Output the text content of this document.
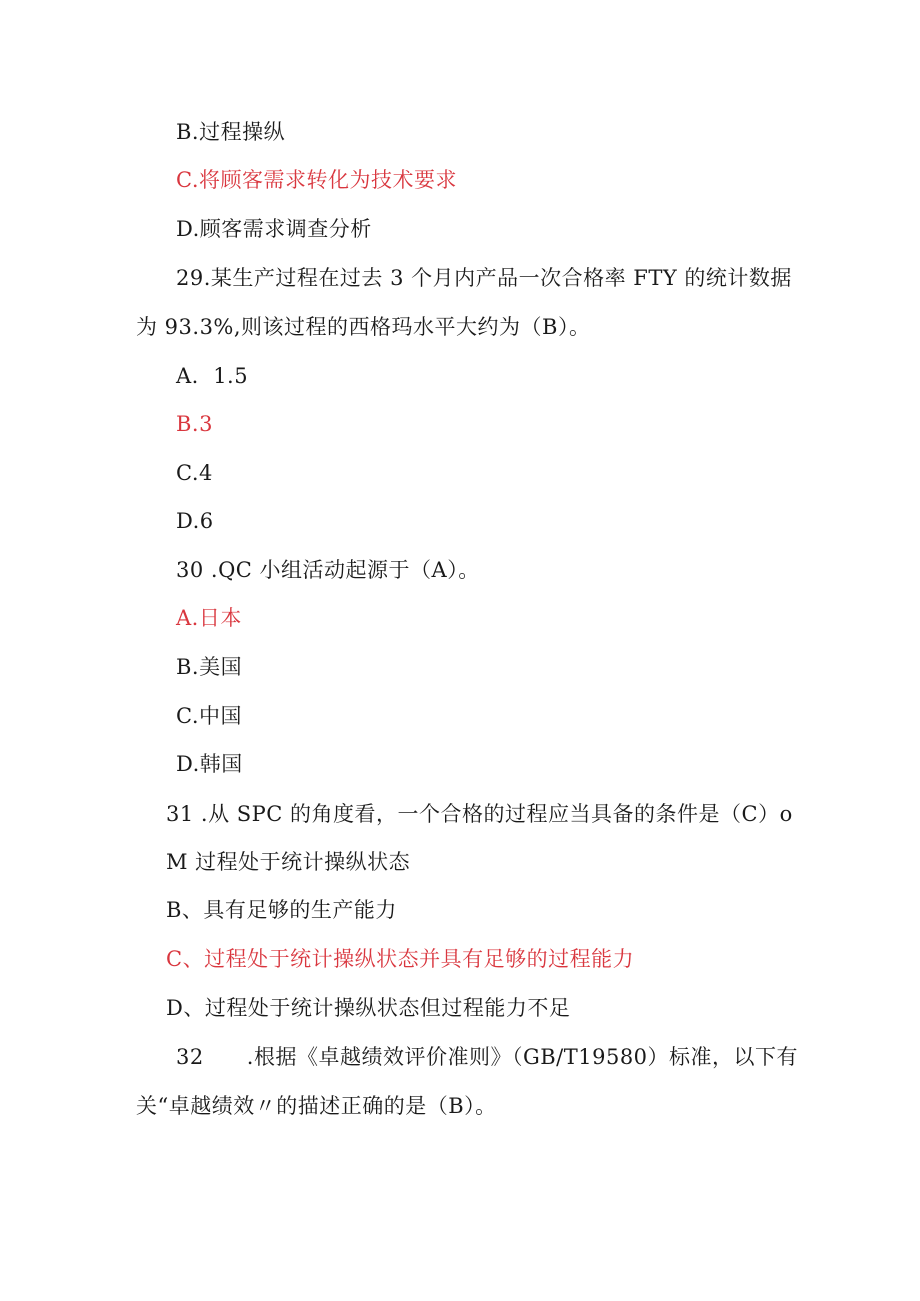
B.过程操纵
C.将顾客需求转化为技术要求
D.顾客需求调查分析
29.某生产过程在过去 3 个月内产品一次合格率 FTY 的统计数据
为 93.3%,则该过程的西格玛水平大约为（B）。
A.  1.5
B.3
C.4
D.6
30 .QC 小组活动起源于（A）。
A.日本
B.美国
C.中国
D.韩国
31 .从 SPC 的角度看，一个合格的过程应当具备的条件是（C）o
M 过程处于统计操纵状态
B、具有足够的生产能力
C、过程处于统计操纵状态并具有足够的过程能力
D、过程处于统计操纵状态但过程能力不足
32      .根据《卓越绩效评价准则》（GB/T19580）标准，以下有
关“卓越绩效〃的描述正确的是（B）。
